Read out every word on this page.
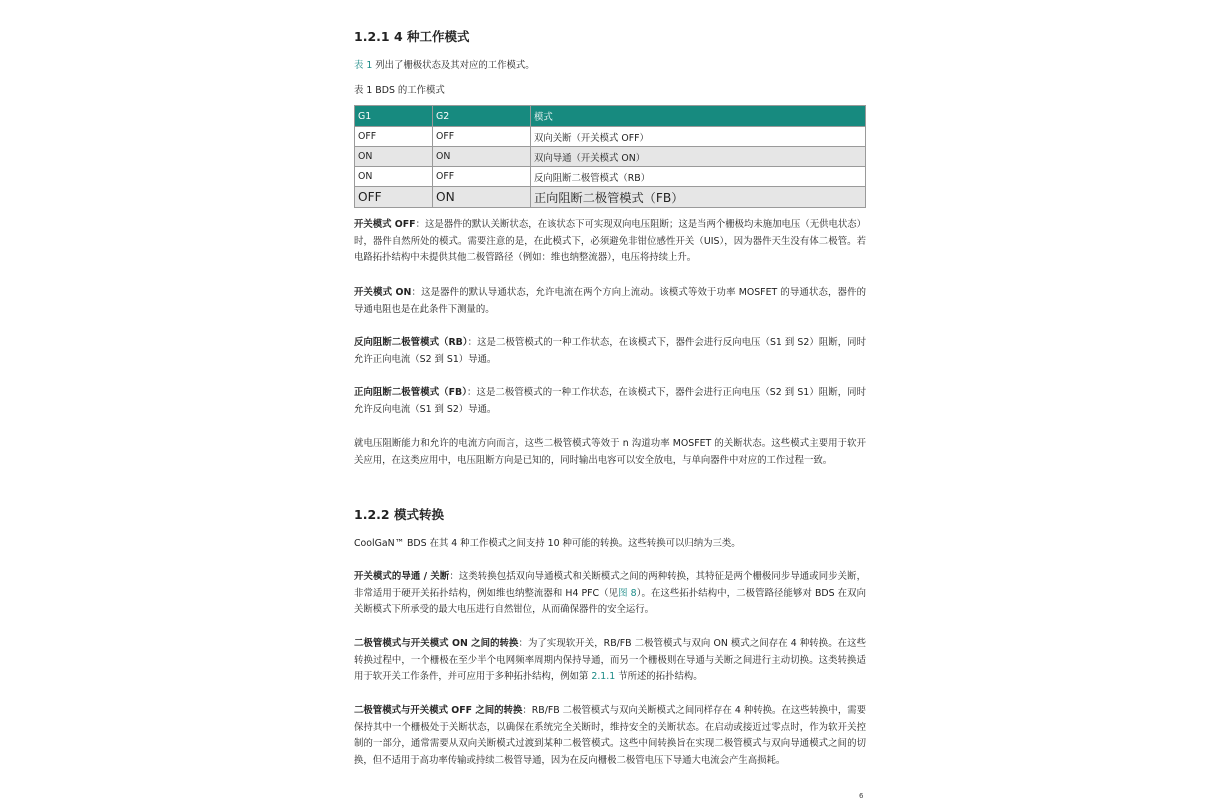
1.2.1 4 种工作模式

表 1 列出了栅极状态及其对应的工作模式。

表 1 BDS 的工作模式

G1	G2	模式
OFF	OFF	双向关断（开关模式 OFF）
ON	ON	双向导通（开关模式 ON）
ON	OFF	反向阻断二极管模式（RB）
OFF	ON	正向阻断二极管模式（FB）

开关模式 OFF：这是器件的默认关断状态，在该状态下可实现双向电压阻断；这是当两个栅极均未施加电压（无供电状态）时，器件自然所处的模式。需要注意的是，在此模式下，必须避免非钳位感性开关（UIS），因为器件天生没有体二极管。若电路拓扑结构中未提供其他二极管路径（例如：维也纳整流器），电压将持续上升。

开关模式 ON：这是器件的默认导通状态，允许电流在两个方向上流动。该模式等效于功率 MOSFET 的导通状态，器件的导通电阻也是在此条件下测量的。

反向阻断二极管模式（RB）：这是二极管模式的一种工作状态，在该模式下，器件会进行反向电压（S1 到 S2）阻断，同时允许正向电流（S2 到 S1）导通。

正向阻断二极管模式（FB）：这是二极管模式的一种工作状态，在该模式下，器件会进行正向电压（S2 到 S1）阻断，同时允许反向电流（S1 到 S2）导通。

就电压阻断能力和允许的电流方向而言，这些二极管模式等效于 n 沟道功率 MOSFET 的关断状态。这些模式主要用于软开关应用，在这类应用中，电压阻断方向是已知的，同时输出电容可以安全放电，与单向器件中对应的工作过程一致。

1.2.2 模式转换

CoolGaN™ BDS 在其 4 种工作模式之间支持 10 种可能的转换。这些转换可以归纳为三类。

开关模式的导通 / 关断：这类转换包括双向导通模式和关断模式之间的两种转换，其特征是两个栅极同步导通或同步关断，非常适用于硬开关拓扑结构，例如维也纳整流器和 H4 PFC（见图 8）。在这些拓扑结构中，二极管路径能够对 BDS 在双向关断模式下所承受的最大电压进行自然钳位，从而确保器件的安全运行。

二极管模式与开关模式 ON 之间的转换：为了实现软开关，RB/FB 二极管模式与双向 ON 模式之间存在 4 种转换。在这些转换过程中，一个栅极在至少半个电网频率周期内保持导通，而另一个栅极则在导通与关断之间进行主动切换。这类转换适用于软开关工作条件，并可应用于多种拓扑结构，例如第 2.1.1 节所述的拓扑结构。

二极管模式与开关模式 OFF 之间的转换：RB/FB 二极管模式与双向关断模式之间同样存在 4 种转换。在这些转换中，需要保持其中一个栅极处于关断状态，以确保在系统完全关断时，维持安全的关断状态。在启动或接近过零点时，作为软开关控制的一部分，通常需要从双向关断模式过渡到某种二极管模式。这些中间转换旨在实现二极管模式与双向导通模式之间的切换，但不适用于高功率传输或持续二极管导通，因为在反向栅极二极管电压下导通大电流会产生高损耗。

6
